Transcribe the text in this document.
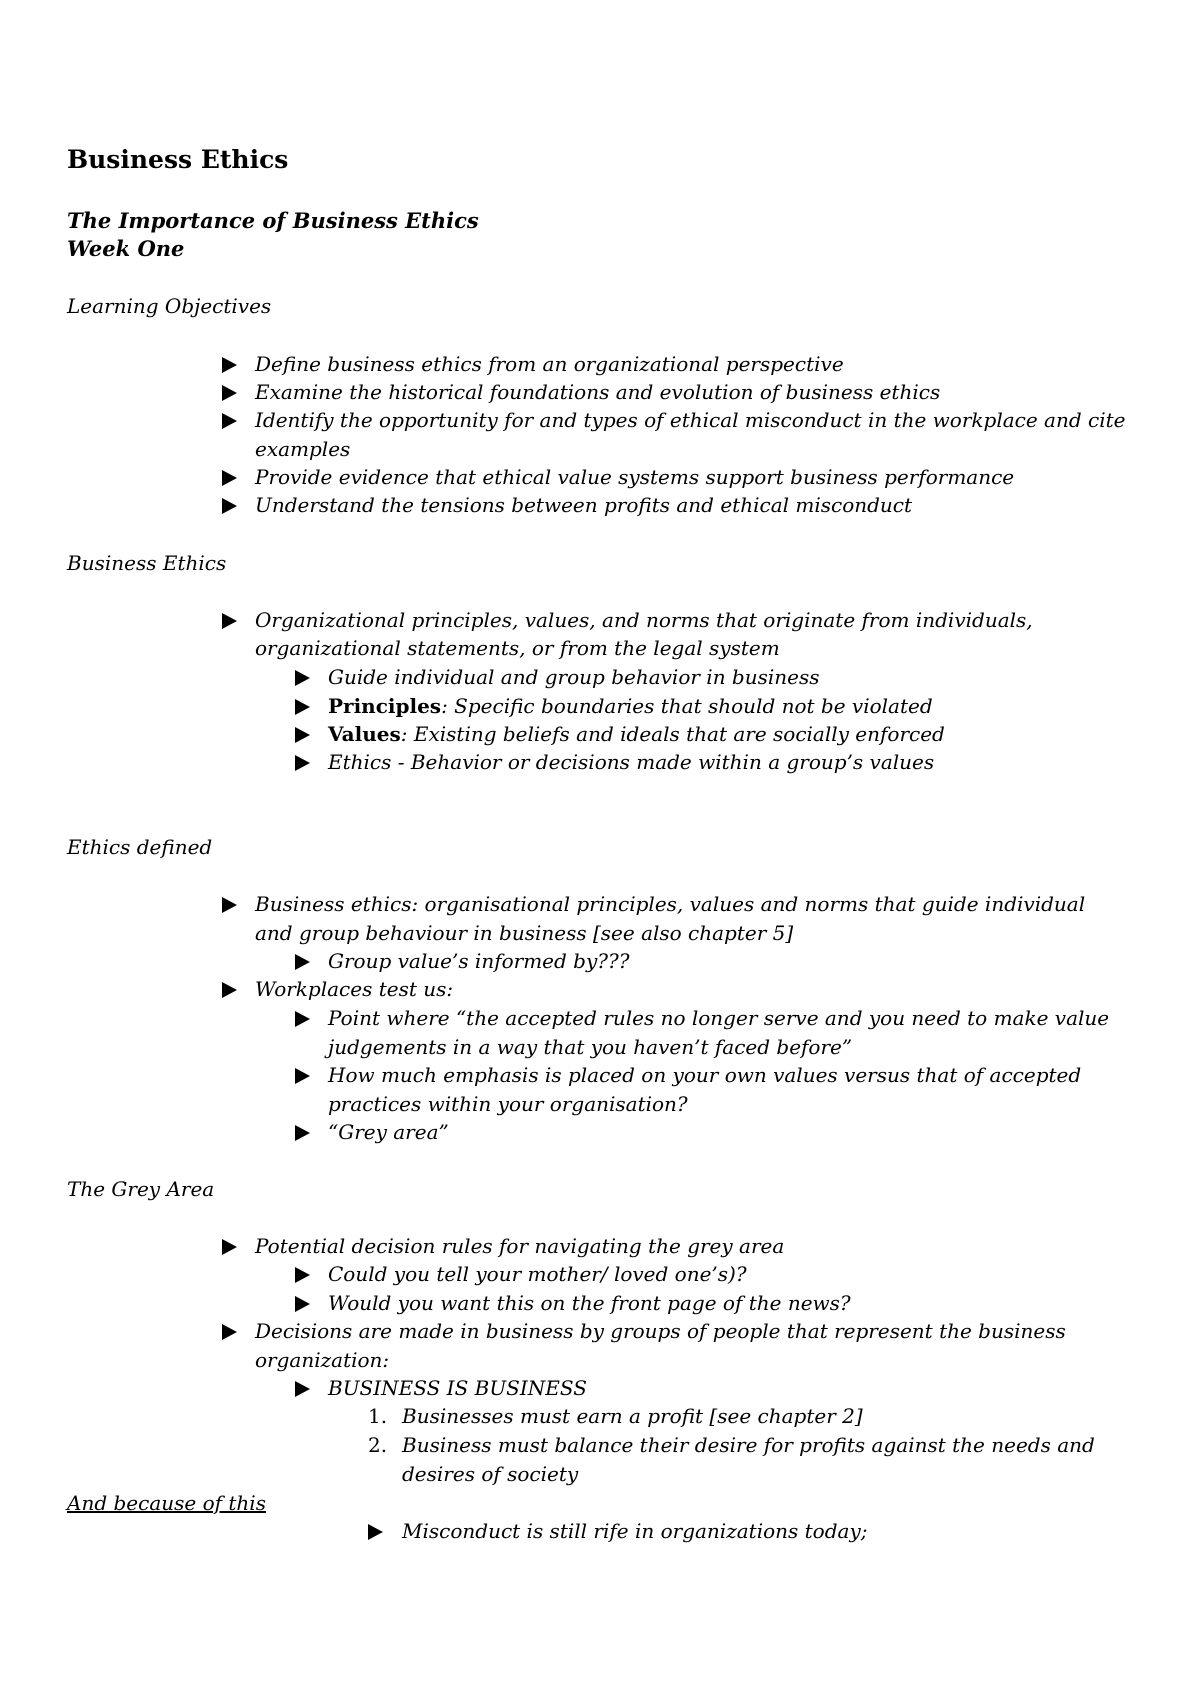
Business Ethics
The Importance of Business Ethics
Week One
Learning Objectives
Define business ethics from an organizational perspective
Examine the historical foundations and evolution of business ethics
Identify the opportunity for and types of ethical misconduct in the workplace and cite
examples
Provide evidence that ethical value systems support business performance
Understand the tensions between profits and ethical misconduct
Business Ethics
Organizational principles, values, and norms that originate from individuals,
organizational statements, or from the legal system
Guide individual and group behavior in business
Principles: Specific boundaries that should not be violated
Values: Existing beliefs and ideals that are socially enforced
Ethics - Behavior or decisions made within a group’s values
Ethics defined
Business ethics: organisational principles, values and norms that guide individual
and group behaviour in business [see also chapter 5]
Group value’s informed by???
Workplaces test us:
Point where “the accepted rules no longer serve and you need to make value
judgements in a way that you haven’t faced before”
How much emphasis is placed on your own values versus that of accepted
practices within your organisation?
“Grey area”
The Grey Area
Potential decision rules for navigating the grey area
Could you tell your mother/ loved one’s)?
Would you want this on the front page of the news?
Decisions are made in business by groups of people that represent the business
organization:
BUSINESS IS BUSINESS
1. Businesses must earn a profit [see chapter 2]
2. Business must balance their desire for profits against the needs and
desires of society
And because of this
Misconduct is still rife in organizations today;
